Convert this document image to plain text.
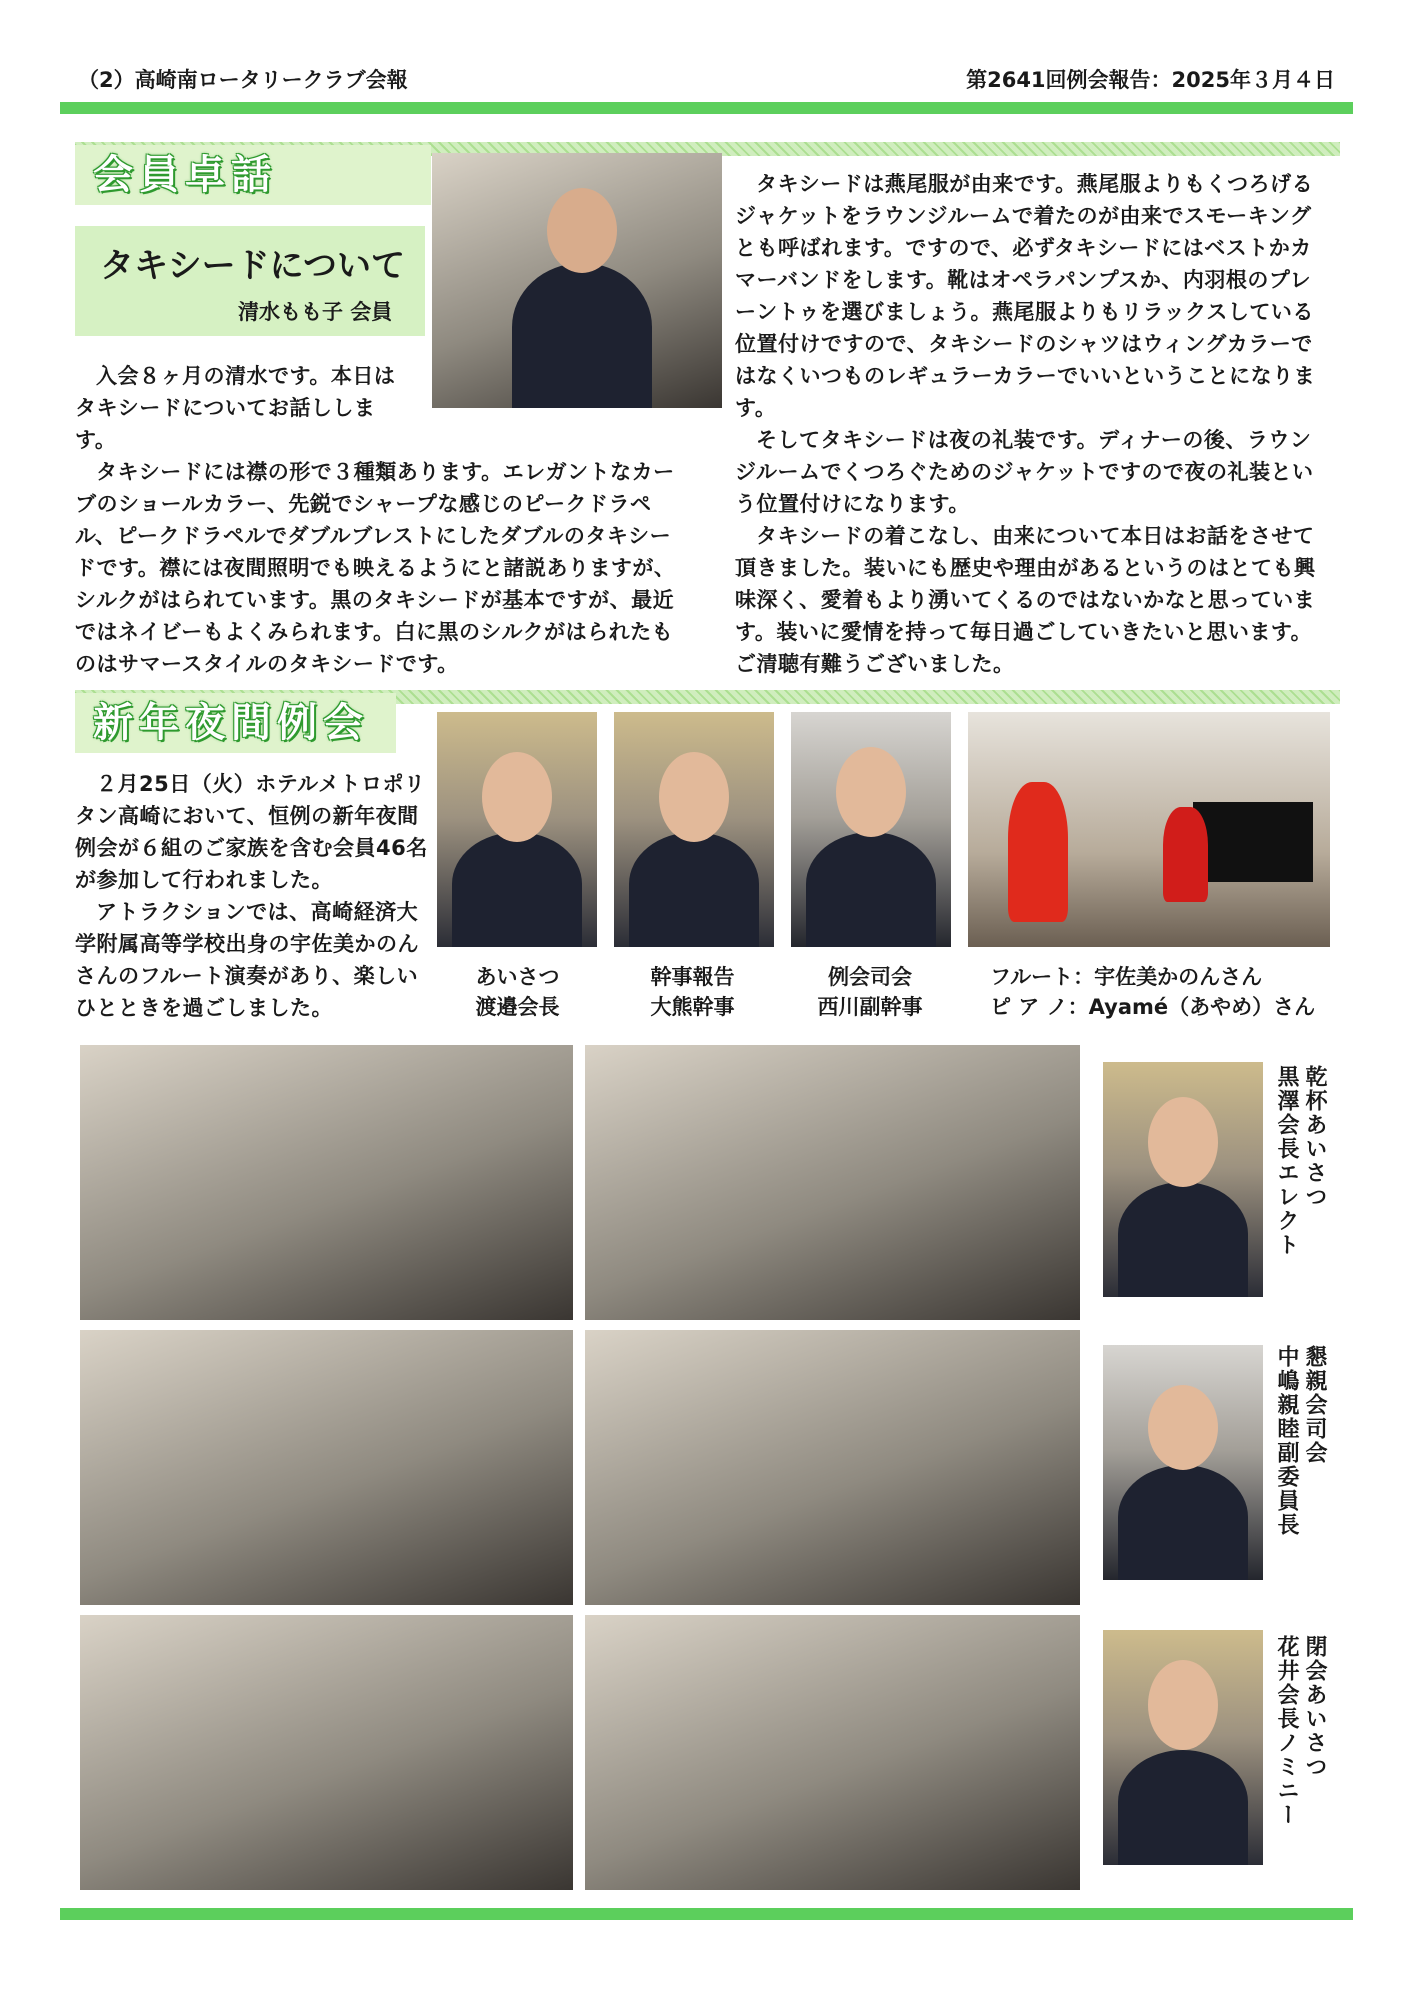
（2）高崎南ロータリークラブ会報	第2641回例会報告：2025年３月４日
会員卓話
タキシードについて
清水もも子 会員

入会８ヶ月の清水です。本日はタキシードについてお話しします。

タキシードには襟の形で３種類あります。エレガントなカーブのショールカラー、先鋭でシャープな感じのピークドラペル、ピークドラペルでダブルブレストにしたダブルのタキシードです。襟には夜間照明でも映えるようにと諸説ありますが、シルクがはられています。黒のタキシードが基本ですが、最近ではネイビーもよくみられます。白に黒のシルクがはられたものはサマースタイルのタキシードです。

タキシードは燕尾服が由来です。燕尾服よりもくつろげるジャケットをラウンジルームで着たのが由来でスモーキングとも呼ばれます。ですので、必ずタキシードにはベストかカマーバンドをします。靴はオペラパンプスか、内羽根のプレーントゥを選びましょう。燕尾服よりもリラックスしている位置付けですので、タキシードのシャツはウィングカラーではなくいつものレギュラーカラーでいいということになります。

そしてタキシードは夜の礼装です。ディナーの後、ラウンジルームでくつろぐためのジャケットですので夜の礼装という位置付けになります。

タキシードの着こなし、由来について本日はお話をさせて頂きました。装いにも歴史や理由があるというのはとても興味深く、愛着もより湧いてくるのではないかなと思っています。装いに愛情を持って毎日過ごしていきたいと思います。ご清聴有難うございました。

新年夜間例会

２月25日（火）ホテルメトロポリタン高崎において、恒例の新年夜間例会が６組のご家族を含む会員46名が参加して行われました。

アトラクションでは、高崎経済大学附属高等学校出身の宇佐美かのんさんのフルート演奏があり、楽しいひとときを過ごしました。

あいさつ
渡邉会長
幹事報告
大熊幹事
例会司会
西川副幹事
フルート：宇佐美かのんさん
ピ ア ノ：Ayamé（あやめ）さん
乾杯あいさつ
黒澤会長エレクト
懇親会司会
中嶋親睦副委員長
閉会あいさつ
花井会長ノミニー
